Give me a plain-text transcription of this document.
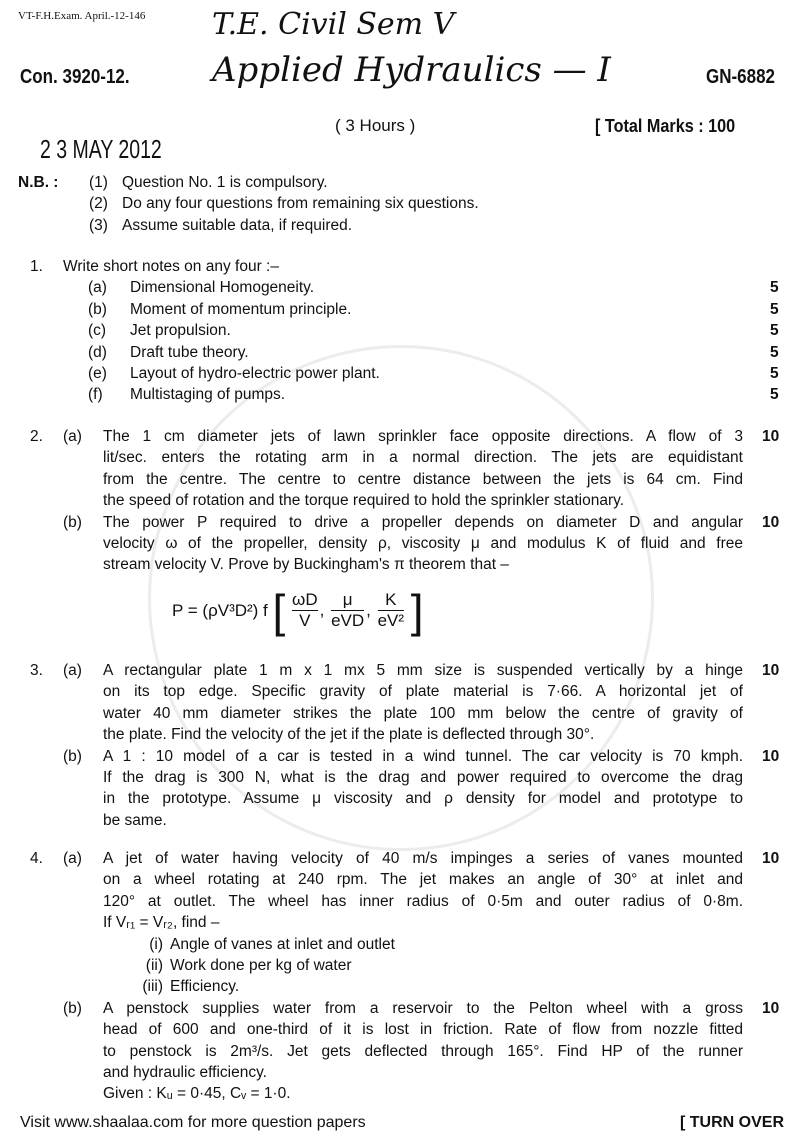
VT-F.H.Exam. April.-12-146 T.E. Civil Sem V
Applied Hydraulics — I
Con. 3920-12.	GN-6882
( 3 Hours )	[ Total Marks : 100
2 3 MAY 2012
N.B. : (1) Question No. 1 is compulsory.
(2) Do any four questions from remaining six questions.
(3) Assume suitable data, if required.
1. Write short notes on any four :–
(a) Dimensional Homogeneity.	5
(b) Moment of momentum principle.	5
(c) Jet propulsion.	5
(d) Draft tube theory.	5
(e) Layout of hydro-electric power plant.	5
(f) Multistaging of pumps.	5
2. (a)	10
The 1 cm diameter jets of lawn sprinkler face opposite directions. A flow of 3
lit/sec. enters the rotating arm in a normal direction. The jets are equidistant
from the centre. The centre to centre distance between the jets is 64 cm. Find
the speed of rotation and the torque required to hold the sprinkler stationary.
(b)	10
The power P required to drive a propeller depends on diameter D and angular
velocity ω of the propeller, density ρ, viscosity μ and modulus K of fluid and free
stream velocity V. Prove by Buckingham's π theorem that –
P = (ρV³D²) f [ $\frac{\omega D}{V}$ , $\frac{\mu}{\text{eVD}}$ , $\frac{K}{\text{eV²}}$ ]
3. (a)	10
A rectangular plate 1 m x 1 mx 5 mm size is suspended vertically by a hinge
on its top edge. Specific gravity of plate material is 7·66. A horizontal jet of
water 40 mm diameter strikes the plate 100 mm below the centre of gravity of
the plate. Find the velocity of the jet if the plate is deflected through 30°.
(b)	10
A 1 : 10 model of a car is tested in a wind tunnel. The car velocity is 70 kmph.
If the drag is 300 N, what is the drag and power required to overcome the drag
in the prototype. Assume μ viscosity and ρ density for model and prototype to
be same.
4. (a)	10
A jet of water having velocity of 40 m/s impinges a series of vanes mounted
on a wheel rotating at 240 rpm. The jet makes an angle of 30° at inlet and
120° at outlet. The wheel has inner radius of 0·5m and outer radius of 0·8m.
If Vᵣ₁ = Vᵣ₂, find –
(i) Angle of vanes at inlet and outlet
(ii) Work done per kg of water
(iii) Efficiency.
(b)	10
A penstock supplies water from a reservoir to the Pelton wheel with a gross
head of 600 and one-third of it is lost in friction. Rate of flow from nozzle fitted
to penstock is 2m³/s. Jet gets deflected through 165°. Find HP of the runner
and hydraulic efficiency.
Given : Kᵤ = 0·45, Cᵥ = 1·0.
Visit www.shaalaa.com for more question papers	[ TURN OVER
